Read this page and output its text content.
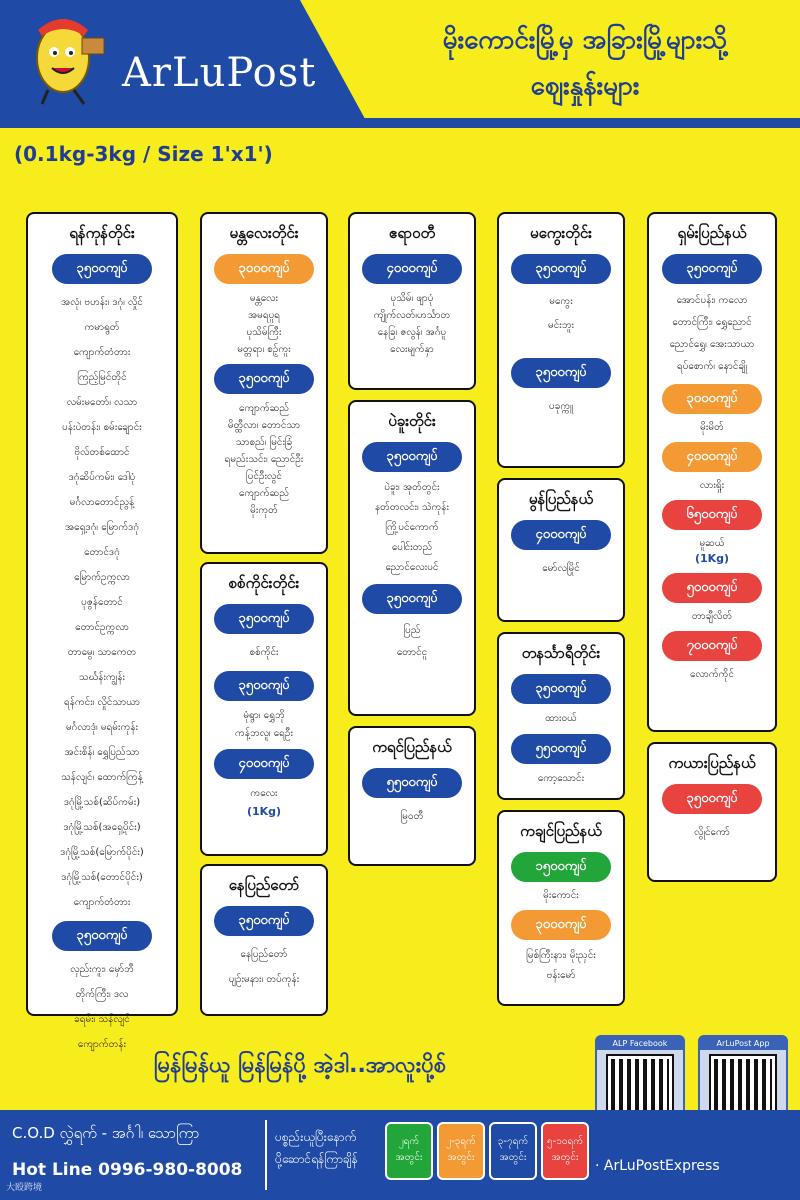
ArLuPost
မိုးကောင်းမြို့မှ အခြားမြို့များသို့
ဈေးနှုန်းများ
(0.1kg-3kg / Size 1'x1')
ရန်ကုန်တိုင်း
၃၅၀၀ကျပ်

အလုံ၊ ဗဟန်း၊ ဒဂုံ၊ လှိုင်
ကမာရွတ်
ကျောက်တံတား
ကြည့်မြင်တိုင်
လမ်းမတော်၊ လသာ
ပန်းပဲတန်း၊ စမ်းချောင်း
ဗိုလ်တစ်ထောင်
ဒဂုံဆိပ်ကမ်း၊ ဒေါပုံ
မင်္ဂလာတောင်ညွန့်
အရှေ့ဒဂုံ၊ မြောက်ဒဂုံ
တောင်ဒဂုံ
မြောက်ဥက္ကလာ
ပုဇွန်တောင်
တောင်ဥက္ကလာ
တာမွေ၊ သာကေတ
သင်္ဃန်းကျွန်း
ရန်ကင်း၊ လှိုင်သာယာ
မင်္ဂလာဒုံ၊ မရမ်းကုန်း
အင်းစိန်၊ ရွှေပြည်သာ
သန်လျင်၊ ထောက်ကြန့်
ဒဂုံမြို့သစ်(ဆိပ်ကမ်း)
ဒဂုံမြို့သစ်(အရှေ့ပိုင်း)
ဒဂုံမြို့သစ်(မြောက်ပိုင်း)
ဒဂုံမြို့သစ်(တောင်ပိုင်း)
ကျောက်တံတား

၃၅၀၀ကျပ်

လှည်းကူး၊ မှော်ဘီ
တိုက်ကြီး၊ ဒလ
ခရမ်း၊ သန်လျင်
ကျောက်တန်း

မန္တလေးတိုင်း
၃၀၀၀ကျပ်

မန္တလေး
အမရပူရ
ပုသိမ်ကြီး
မတ္တရာ၊ စဉ့်ကူး

၃၅၀၀ကျပ်

ကျောက်ဆည်
မိတ္ထီလာ၊ တောင်သာ
သာစည်၊ မြင်းခြံ
ရမည်းသင်း၊ ညောင်ဦး
ပြင်ဦးလွင်
ကျောက်ဆည်
မိုးကုတ်

စစ်ကိုင်းတိုင်း
၃၅၀၀ကျပ်

စစ်ကိုင်း

၃၅၀၀ကျပ်

မုံရွာ၊ ရွှေဘို
ကန့်ဘလူ၊ ရေဦး

၄၀၀၀ကျပ်

ကလေး
(1Kg)

နေပြည်တော်
၃၅၀၀ကျပ်

နေပြည်တော်
ပျဉ်းမနား၊ တပ်ကုန်း

ဧရာဝတီ
၄၀၀၀ကျပ်

ပုသိမ်၊ ဖျာပုံ
ကျိုက်လတ်၊ဟင်္သာတ
နေခြ၊ ဇလွန်၊ အင်္ဂပူ
လေးမျက်နှာ

ပဲခူးတိုင်း
၃၅၀၀ကျပ်

ပဲခူး၊ အုတ်တွင်း
နတ်တလင်း၊ သဲကုန်း
ကြို့ပင်ကောက်
ပေါင်းတည်
ညောင်လေးပင်

၃၅၀၀ကျပ်

ပြည်
တောင်ငူ

ကရင်ပြည်နယ်
၅၅၀၀ကျပ်

မြဝတီ

မကွေးတိုင်း
၃၅၀၀ကျပ်

မကွေး
မင်းဘူး

၃၅၀၀ကျပ်

ပခုက္ကူ

မွန်ပြည်နယ်
၄၀၀၀ကျပ်

မော်လမြိုင်

တနင်္သာရီတိုင်း
၃၅၀၀ကျပ်

ထားဝယ်

၅၅၀၀ကျပ်

ကော့သောင်း

ကချင်ပြည်နယ်
၁၅၀၀ကျပ်

မိုးကောင်း

၃၀၀၀ကျပ်

မြစ်ကြီးနား၊ မိုးညှင်း
ဗန်းမော်

ရှမ်းပြည်နယ်
၃၅၀၀ကျပ်

အောင်ပန်း၊ ကလော
တောင်ကြီး၊ ရွှေညောင်
ညောင်ရွှေ၊ အေးသာယာ
ရပ်စောက်၊ နောင်ချို

၃၀၀၀ကျပ်

မိုးမိတ်

၄၀၀၀ကျပ်

လားရှိုး

၆၅၀၀ကျပ်

မူဆယ်
(1Kg)

၅၀၀၀ကျပ်

တာချီလိတ်

၇၀၀၀ကျပ်

လောက်ကိုင်

ကယားပြည်နယ်
၃၅၀၀ကျပ်

လွိုင်ကော်

မြန်မြန်ယူ မြန်မြန်ပို့ အဲ့ဒါ..အာလူးပို့စ်
ALP Facebook	ArLuPost App
C.O.D လွှဲရက် - အင်္ဂါ၊ သောကြာ
Hot Line 0996-980-8008
ပစ္စည်းယူပြီးနောက်
ပို့ဆောင်ရန်ကြာချိန်
၂ရက်အတွင်း
၂-၃ရက်အတွင်း
၃-၇ရက်အတွင်း
၅-၁၀ရက်အတွင်း
· ArLuPostExpress
大殴跨境
